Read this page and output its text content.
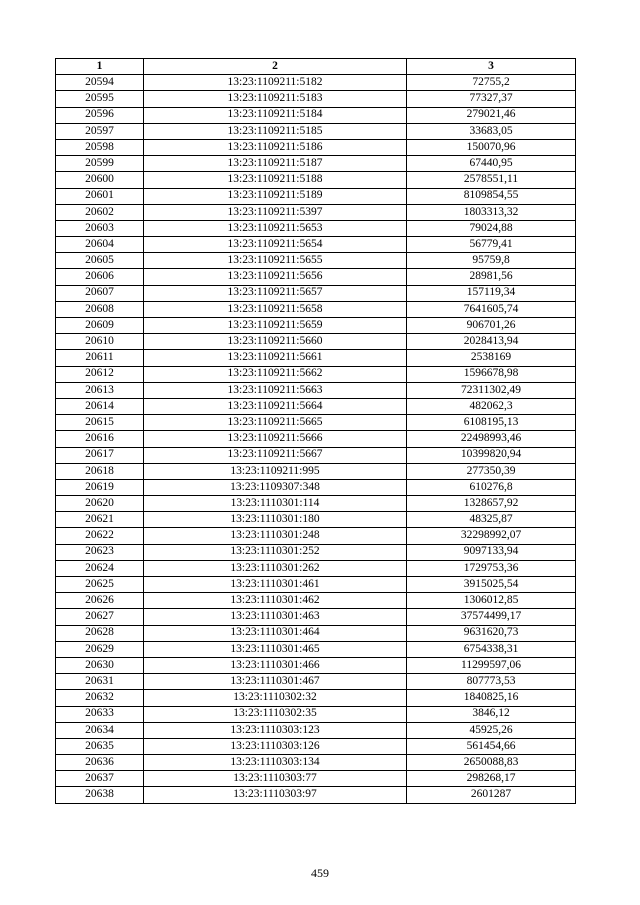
1	2	3
20594	13:23:1109211:5182	72755,2
20595	13:23:1109211:5183	77327,37
20596	13:23:1109211:5184	279021,46
20597	13:23:1109211:5185	33683,05
20598	13:23:1109211:5186	150070,96
20599	13:23:1109211:5187	67440,95
20600	13:23:1109211:5188	2578551,11
20601	13:23:1109211:5189	8109854,55
20602	13:23:1109211:5397	1803313,32
20603	13:23:1109211:5653	79024,88
20604	13:23:1109211:5654	56779,41
20605	13:23:1109211:5655	95759,8
20606	13:23:1109211:5656	28981,56
20607	13:23:1109211:5657	157119,34
20608	13:23:1109211:5658	7641605,74
20609	13:23:1109211:5659	906701,26
20610	13:23:1109211:5660	2028413,94
20611	13:23:1109211:5661	2538169
20612	13:23:1109211:5662	1596678,98
20613	13:23:1109211:5663	72311302,49
20614	13:23:1109211:5664	482062,3
20615	13:23:1109211:5665	6108195,13
20616	13:23:1109211:5666	22498993,46
20617	13:23:1109211:5667	10399820,94
20618	13:23:1109211:995	277350,39
20619	13:23:1109307:348	610276,8
20620	13:23:1110301:114	1328657,92
20621	13:23:1110301:180	48325,87
20622	13:23:1110301:248	32298992,07
20623	13:23:1110301:252	9097133,94
20624	13:23:1110301:262	1729753,36
20625	13:23:1110301:461	3915025,54
20626	13:23:1110301:462	1306012,85
20627	13:23:1110301:463	37574499,17
20628	13:23:1110301:464	9631620,73
20629	13:23:1110301:465	6754338,31
20630	13:23:1110301:466	11299597,06
20631	13:23:1110301:467	807773,53
20632	13:23:1110302:32	1840825,16
20633	13:23:1110302:35	3846,12
20634	13:23:1110303:123	45925,26
20635	13:23:1110303:126	561454,66
20636	13:23:1110303:134	2650088,83
20637	13:23:1110303:77	298268,17
20638	13:23:1110303:97	2601287
459
